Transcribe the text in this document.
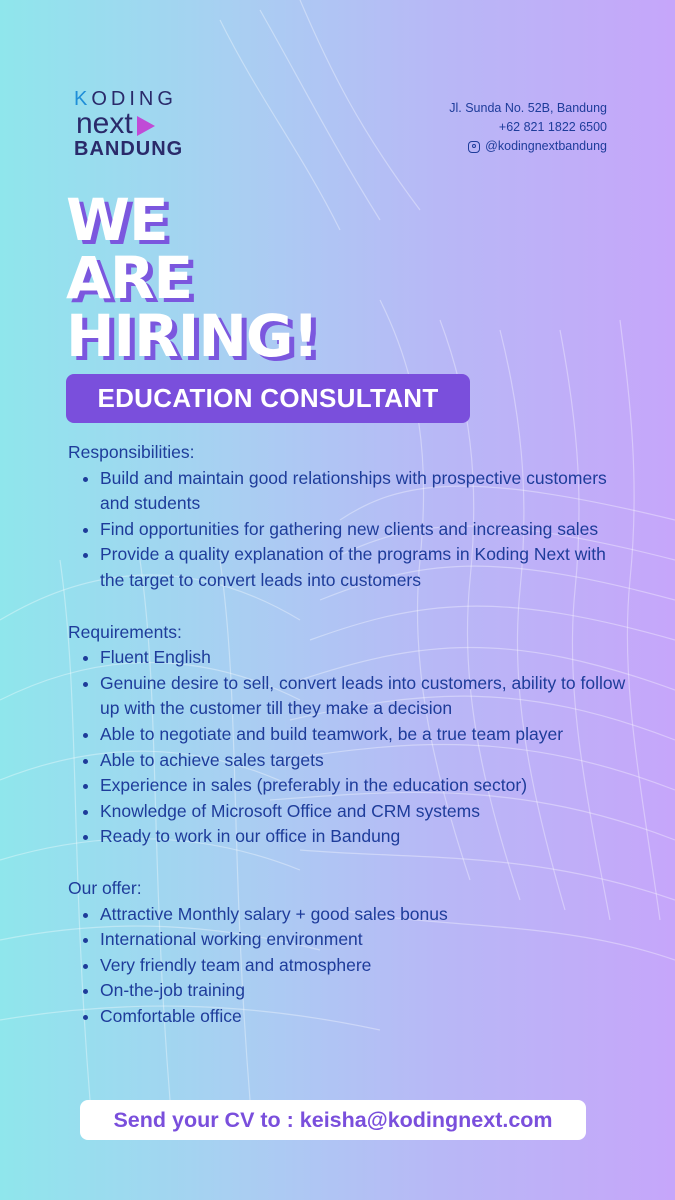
KODING
next
BANDUNG
Jl. Sunda No. 52B, Bandung
+62 821 1822 6500
@kodingnextbandung
WE
ARE
HIRING!
EDUCATION CONSULTANT
Responsibilities:
• Build and maintain good relationships with prospective customers and students
• Find opportunities for gathering new clients and increasing sales
• Provide a quality explanation of the programs in Koding Next with the target to convert leads into customers
Requirements:
• Fluent English
• Genuine desire to sell, convert leads into customers, ability to follow up with the customer till they make a decision
• Able to negotiate and build teamwork, be a true team player
• Able to achieve sales targets
• Experience in sales (preferably in the education sector)
• Knowledge of Microsoft Office and CRM systems
• Ready to work in our office in Bandung
Our offer:
• Attractive Monthly salary + good sales bonus
• International working environment
• Very friendly team and atmosphere
• On-the-job training
• Comfortable office
Send your CV to : keisha@kodingnext.com
